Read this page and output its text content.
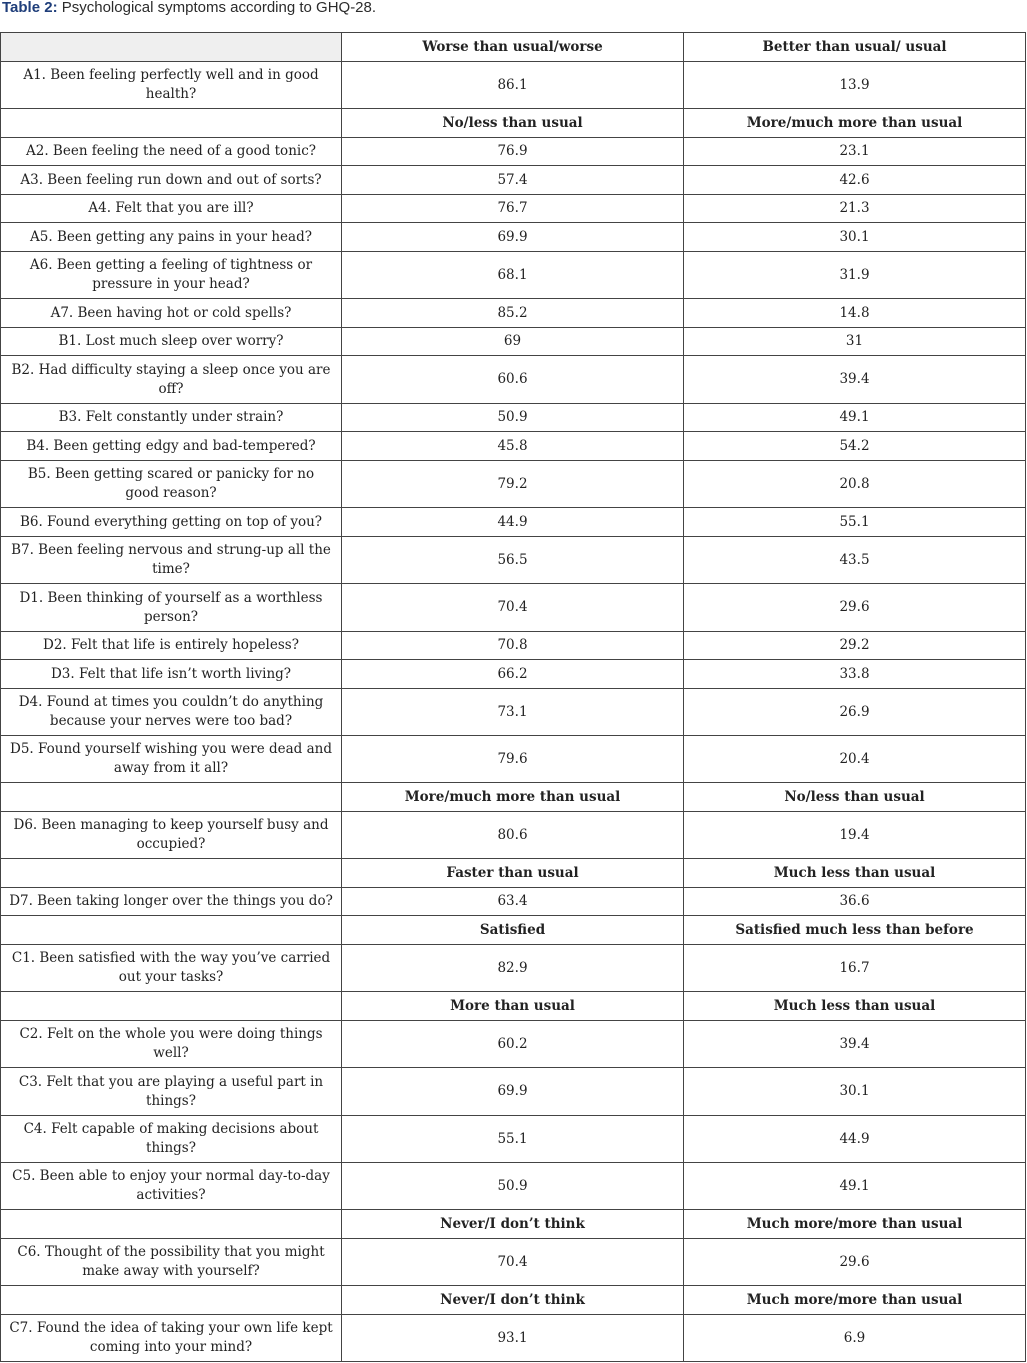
Table 2: Psychological symptoms according to GHQ-28.
	Worse than usual/worse	Better than usual/ usual
A1. Been feeling perfectly well and in good health?	86.1	13.9
	No/less than usual	More/much more than usual
A2. Been feeling the need of a good tonic?	76.9	23.1
A3. Been feeling run down and out of sorts?	57.4	42.6
A4. Felt that you are ill?	76.7	21.3
A5. Been getting any pains in your head?	69.9	30.1
A6. Been getting a feeling of tightness or pressure in your head?	68.1	31.9
A7. Been having hot or cold spells?	85.2	14.8
B1. Lost much sleep over worry?	69	31
B2. Had difficulty staying a sleep once you are off?	60.6	39.4
B3. Felt constantly under strain?	50.9	49.1
B4. Been getting edgy and bad-tempered?	45.8	54.2
B5. Been getting scared or panicky for no good reason?	79.2	20.8
B6. Found everything getting on top of you?	44.9	55.1
B7. Been feeling nervous and strung-up all the time?	56.5	43.5
D1. Been thinking of yourself as a worthless person?	70.4	29.6
D2. Felt that life is entirely hopeless?	70.8	29.2
D3. Felt that life isn’t worth living?	66.2	33.8
D4. Found at times you couldn’t do anything because your nerves were too bad?	73.1	26.9
D5. Found yourself wishing you were dead and away from it all?	79.6	20.4
	More/much more than usual	No/less than usual
D6. Been managing to keep yourself busy and occupied?	80.6	19.4
	Faster than usual	Much less than usual
D7. Been taking longer over the things you do?	63.4	36.6
	Satisfied	Satisfied much less than before
C1. Been satisfied with the way you’ve carried out your tasks?	82.9	16.7
	More than usual	Much less than usual
C2. Felt on the whole you were doing things well?	60.2	39.4
C3. Felt that you are playing a useful part in things?	69.9	30.1
C4. Felt capable of making decisions about things?	55.1	44.9
C5. Been able to enjoy your normal day-to-day activities?	50.9	49.1
	Never/I don’t think	Much more/more than usual
C6. Thought of the possibility that you might make away with yourself?	70.4	29.6
	Never/I don’t think	Much more/more than usual
C7. Found the idea of taking your own life kept coming into your mind?	93.1	6.9
